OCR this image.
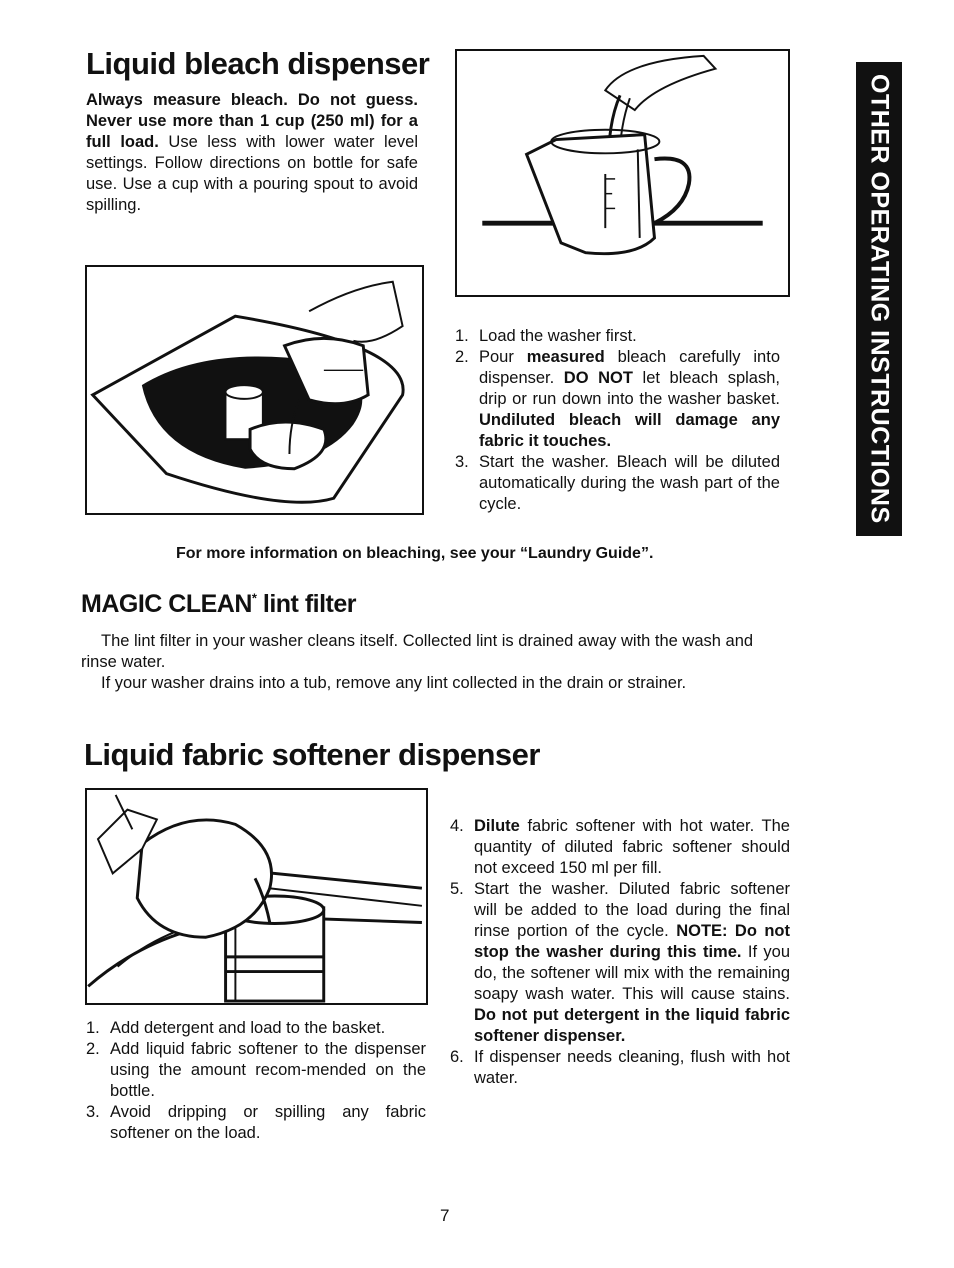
Liquid bleach dispenser
Always measure bleach. Do not guess. Never use more than 1 cup (250 ml) for a full load. Use less with lower water level settings. Follow directions on bottle for safe use. Use a cup with a pouring spout to avoid spilling.
1. Load the washer first.
2. Pour measured bleach carefully into dispenser. DO NOT let bleach splash, drip or run down into the washer basket. Undiluted bleach will damage any fabric it touches.
3. Start the washer. Bleach will be diluted automatically during the wash part of the cycle.
For more information on bleaching, see your “Laundry Guide”.
OTHER OPERATING INSTRUCTIONS
MAGIC CLEAN* lint filter
The lint filter in your washer cleans itself. Collected lint is drained away with the wash and rinse water.
If your washer drains into a tub, remove any lint collected in the drain or strainer.
Liquid fabric softener dispenser
1. Add detergent and load to the basket.
2. Add liquid fabric softener to the dispenser using the amount recom-mended on the bottle.
3. Avoid dripping or spilling any fabric softener on the load.
4. Dilute fabric softener with hot water. The quantity of diluted fabric softener should not exceed 150 ml per fill.
5. Start the washer. Diluted fabric softener will be added to the load during the final rinse portion of the cycle. NOTE: Do not stop the washer during this time. If you do, the softener will mix with the remaining soapy wash water. This will cause stains. Do not put detergent in the liquid fabric softener dispenser.
6. If dispenser needs cleaning, flush with hot water.
7
